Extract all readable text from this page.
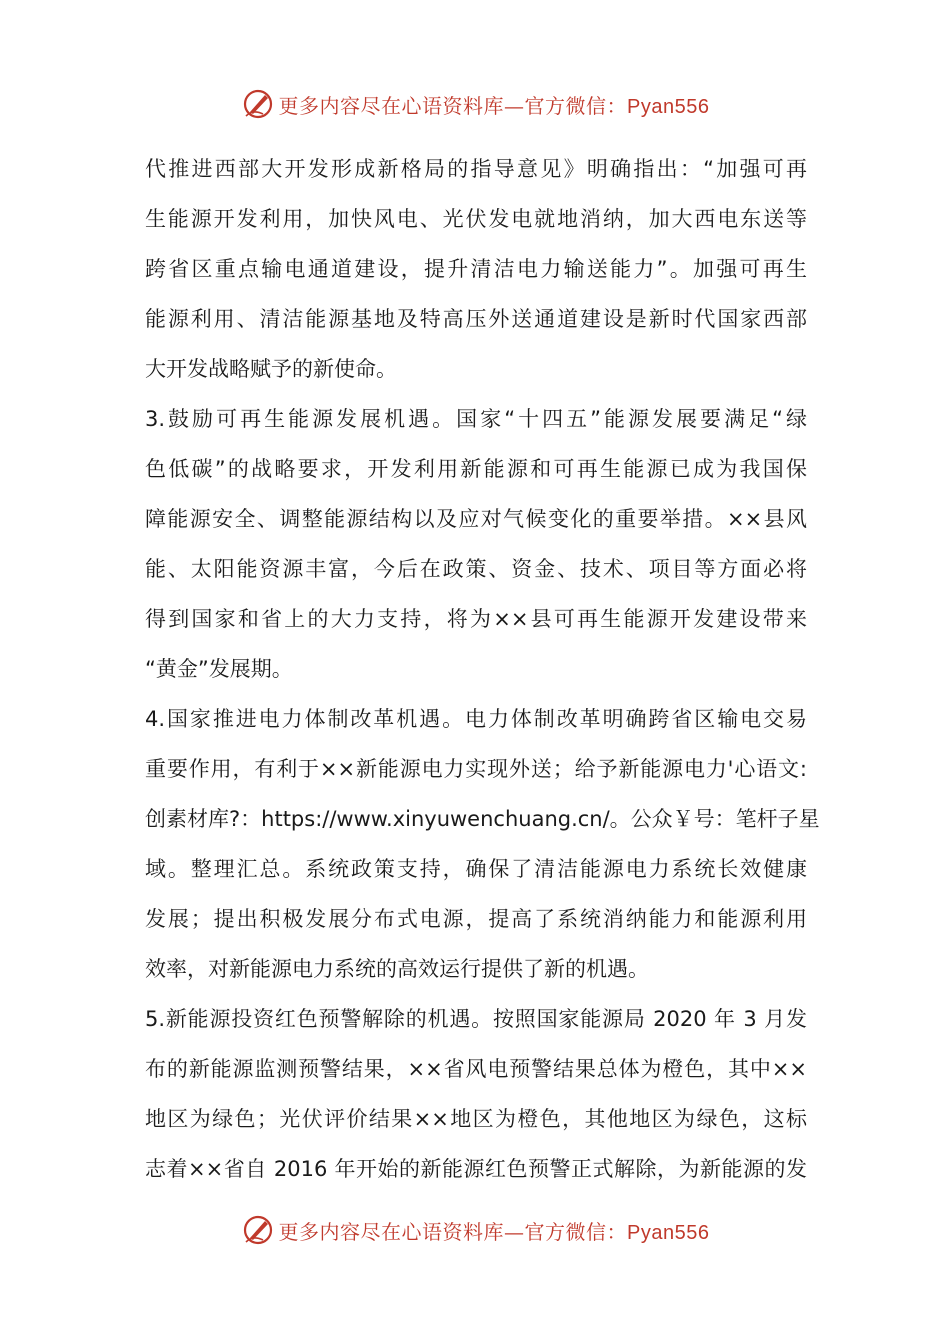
更多内容尽在心语资料库—官方微信：Pyan556
代推进西部大开发形成新格局的指导意见》明确指出：“加强可再
生能源开发利用，加快风电、光伏发电就地消纳，加大西电东送等
跨省区重点输电通道建设，提升清洁电力输送能力”。加强可再生
能源利用、清洁能源基地及特高压外送通道建设是新时代国家西部
大开发战略赋予的新使命。
3.鼓励可再生能源发展机遇。国家“十四五”能源发展要满足“绿
色低碳”的战略要求，开发利用新能源和可再生能源已成为我国保
障能源安全、调整能源结构以及应对气候变化的重要举措。××县风
能、太阳能资源丰富，今后在政策、资金、技术、项目等方面必将
得到国家和省上的大力支持，将为××县可再生能源开发建设带来
“黄金”发展期。
4.国家推进电力体制改革机遇。电力体制改革明确跨省区输电交易
重要作用，有利于××新能源电力实现外送；给予新能源电力'心语文:
创素材库?：https://www.xinyuwenchuang.cn/。公众￥号：笔杆子星
域。整理汇总。系统政策支持，确保了清洁能源电力系统长效健康
发展；提出积极发展分布式电源，提高了系统消纳能力和能源利用
效率，对新能源电力系统的高效运行提供了新的机遇。
5.新能源投资红色预警解除的机遇。按照国家能源局 2020 年 3 月发
布的新能源监测预警结果，××省风电预警结果总体为橙色，其中××
地区为绿色；光伏评价结果××地区为橙色，其他地区为绿色，这标
志着××省自 2016 年开始的新能源红色预警正式解除，为新能源的发
更多内容尽在心语资料库—官方微信：Pyan556
